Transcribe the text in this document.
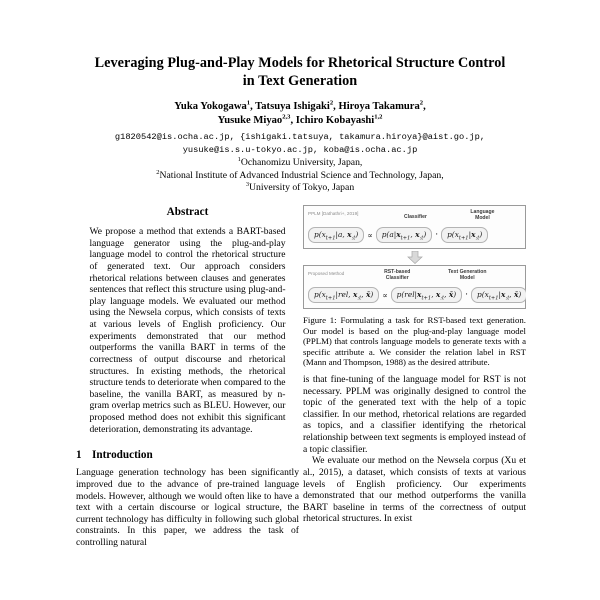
Leveraging Plug-and-Play Models for Rhetorical Structure Control
in Text Generation
Yuka Yokogawa$^1$, Tatsuya Ishigaki$^2$, Hiroya Takamura$^2$,
Yusuke Miyao$^{2,3}$, Ichiro Kobayashi$^{1,2}$
g1820542@is.ocha.ac.jp, {ishigaki.tatsuya, takamura.hiroya}@aist.go.jp,
yusuke@is.s.u-tokyo.ac.jp, koba@is.ocha.ac.jp
$^1$Ochanomizu University, Japan,
$^2$National Institute of Advanced Industrial Science and Technology, Japan,
$^3$University of Tokyo, Japan
Abstract

We propose a method that extends a BART-based language generator using the plug-and-play language model to control the rhetorical structure of generated text. Our approach considers rhetorical relations between clauses and generates sentences that reflect this structure using plug-and-play language models. We evaluated our method using the Newsela corpus, which consists of texts at various levels of English proficiency. Our experiments demonstrated that our method outperforms the vanilla BART in terms of the correctness of output discourse and rhetorical structures. In existing methods, the rhetorical structure tends to deteriorate when compared to the baseline, the vanilla BART, as measured by n-gram overlap metrics such as BLEU. However, our proposed method does not exhibit this significant deterioration, demonstrating its advantage.

1 Introduction

Language generation technology has been significantly improved due to the advance of pre-trained language models. However, although we would often like to have a text with a certain discourse or logical structure, the current technology has difficulty in following such global constraints. In this paper, we address the task of controlling natural

PPLM [Dathathri+, 2019]
Classifier
Language
Model
$p(x_{t+1}|a$, $x_{:t}$)	∝	$p(a|x_{t+1}$, $x_{:t}$)	·	$p(x_{t+1}|x_{:t})$
Proposed Method	RST-based
Classifier
Text Generation
Model
$p(x_{t+1}|rel$, $x_{:t}$, x̄)	∝	$p(rel|x_{t+1}$, $x_{:t}$, x̄)	·	$p(x_{t+1}|x_{:t}$, x̄)
Figure 1: Formulating a task for RST-based text generation. Our model is based on the plug-and-play language model (PPLM) that controls language models to generate texts with a specific attribute a. We consider the relation label in RST (Mann and Thompson, 1988) as the desired attribute.

is that fine-tuning of the language model for RST is not necessary. PPLM was originally designed to control the topic of the generated text with the help of a topic classifier. In our method, rhetorical relations are regarded as topics, and a classifier identifying the rhetorical relationship between text segments is employed instead of a topic classifier.

We evaluate our method on the Newsela corpus (Xu et al., 2015), a dataset, which consists of texts at various levels of English proficiency. Our experiments demonstrated that our method outperforms the vanilla BART baseline in terms of the correctness of output rhetorical structures. In exist
